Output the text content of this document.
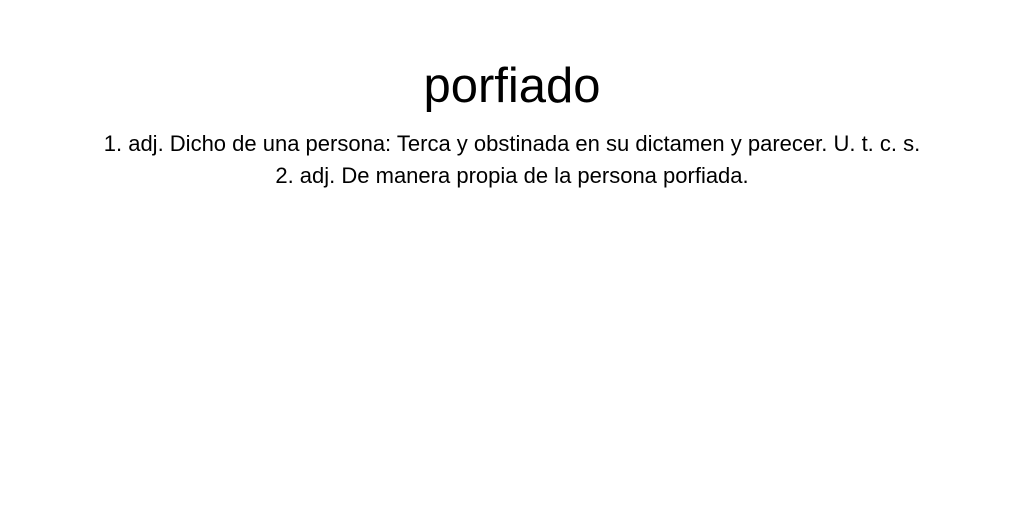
porfiado
1. adj. Dicho de una persona: Terca y obstinada en su dictamen y parecer. U. t. c. s.
2. adj. De manera propia de la persona porfiada.
